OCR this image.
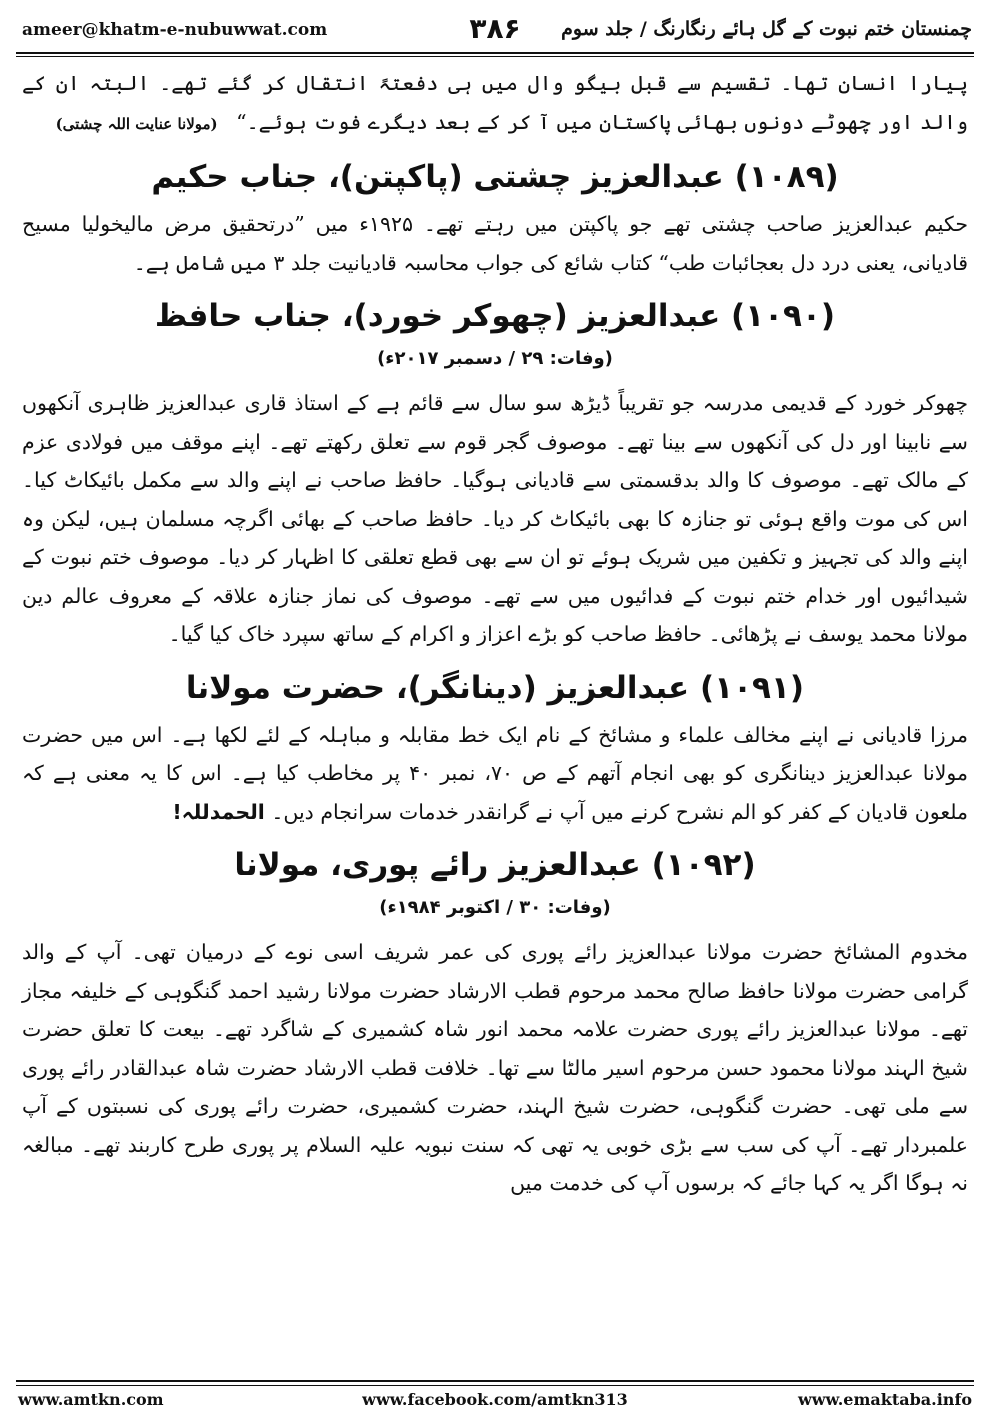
ameer@khatm-e-nubuwwat.com	۳۸۶	چمنستان ختم نبوت کے گل ہائے رنگارنگ / جلد سوم

پیارا انسان تھا۔ تقسیم سے قبل بیگو وال میں ہی دفعتہً انتقال کر گئے تھے۔ البتہ ان کے والد اور چھوٹے دونوں بھائی پاکستان میں آ کر کے بعد دیگرے فوت ہوئے۔“ (مولانا عنایت اللہ چشتی)

(۱۰۸۹) عبدالعزیز چشتی (پاکپتن)، جناب حکیم

حکیم عبدالعزیز صاحب چشتی تھے جو پاکپتن میں رہتے تھے۔ ۱۹۲۵ء میں ”درتحقیق مرض مالیخولیا مسیح قادیانی، یعنی درد دل بعجائبات طب“ کتاب شائع کی جواب محاسبہ قادیانیت جلد ۳ میں شامل ہے۔

(۱۰۹۰) عبدالعزیز (چھوکر خورد)، جناب حافظ
(وفات: ۲۹ / دسمبر ۲۰۱۷ء)

چھوکر خورد کے قدیمی مدرسہ جو تقریباً ڈیڑھ سو سال سے قائم ہے کے استاذ قاری عبدالعزیز ظاہری آنکھوں سے نابینا اور دل کی آنکھوں سے بینا تھے۔ موصوف گجر قوم سے تعلق رکھتے تھے۔ اپنے موقف میں فولادی عزم کے مالک تھے۔ موصوف کا والد بدقسمتی سے قادیانی ہوگیا۔ حافظ صاحب نے اپنے والد سے مکمل بائیکاٹ کیا۔ اس کی موت واقع ہوئی تو جنازہ کا بھی بائیکاٹ کر دیا۔ حافظ صاحب کے بھائی اگرچہ مسلمان ہیں، لیکن وہ اپنے والد کی تجہیز و تکفین میں شریک ہوئے تو ان سے بھی قطع تعلقی کا اظہار کر دیا۔ موصوف ختم نبوت کے شیدائیوں اور خدام ختم نبوت کے فدائیوں میں سے تھے۔ موصوف کی نماز جنازہ علاقہ کے معروف عالم دین مولانا محمد یوسف نے پڑھائی۔ حافظ صاحب کو بڑے اعزاز و اکرام کے ساتھ سپرد خاک کیا گیا۔

(۱۰۹۱) عبدالعزیز (دینانگر)، حضرت مولانا

مرزا قادیانی نے اپنے مخالف علماء و مشائخ کے نام ایک خط مقابلہ و مباہلہ کے لئے لکھا ہے۔ اس میں حضرت مولانا عبدالعزیز دینانگری کو بھی انجام آتھم کے ص ۷۰، نمبر ۴۰ پر مخاطب کیا ہے۔ اس کا یہ معنی ہے کہ ملعون قادیان کے کفر کو الم نشرح کرنے میں آپ نے گرانقدر خدمات سرانجام دیں۔ الحمدللہ!

(۱۰۹۲) عبدالعزیز رائے پوری، مولانا
(وفات: ۳۰ / اکتوبر ۱۹۸۴ء)

مخدوم المشائخ حضرت مولانا عبدالعزیز رائے پوری کی عمر شریف اسی نوے کے درمیان تھی۔ آپ کے والد گرامی حضرت مولانا حافظ صالح محمد مرحوم قطب الارشاد حضرت مولانا رشید احمد گنگوہی کے خلیفہ مجاز تھے۔ مولانا عبدالعزیز رائے پوری حضرت علامہ محمد انور شاہ کشمیری کے شاگرد تھے۔ بیعت کا تعلق حضرت شیخ الہند مولانا محمود حسن مرحوم اسیر مالٹا سے تھا۔ خلافت قطب الارشاد حضرت شاہ عبدالقادر رائے پوری سے ملی تھی۔ حضرت گنگوہی، حضرت شیخ الہند، حضرت کشمیری، حضرت رائے پوری کی نسبتوں کے آپ علمبردار تھے۔ آپ کی سب سے بڑی خوبی یہ تھی کہ سنت نبویہ علیہ السلام پر پوری طرح کاربند تھے۔ مبالغہ نہ ہوگا اگر یہ کہا جائے کہ برسوں آپ کی خدمت میں

www.amtkn.com	www.facebook.com/amtkn313	www.emaktaba.info
